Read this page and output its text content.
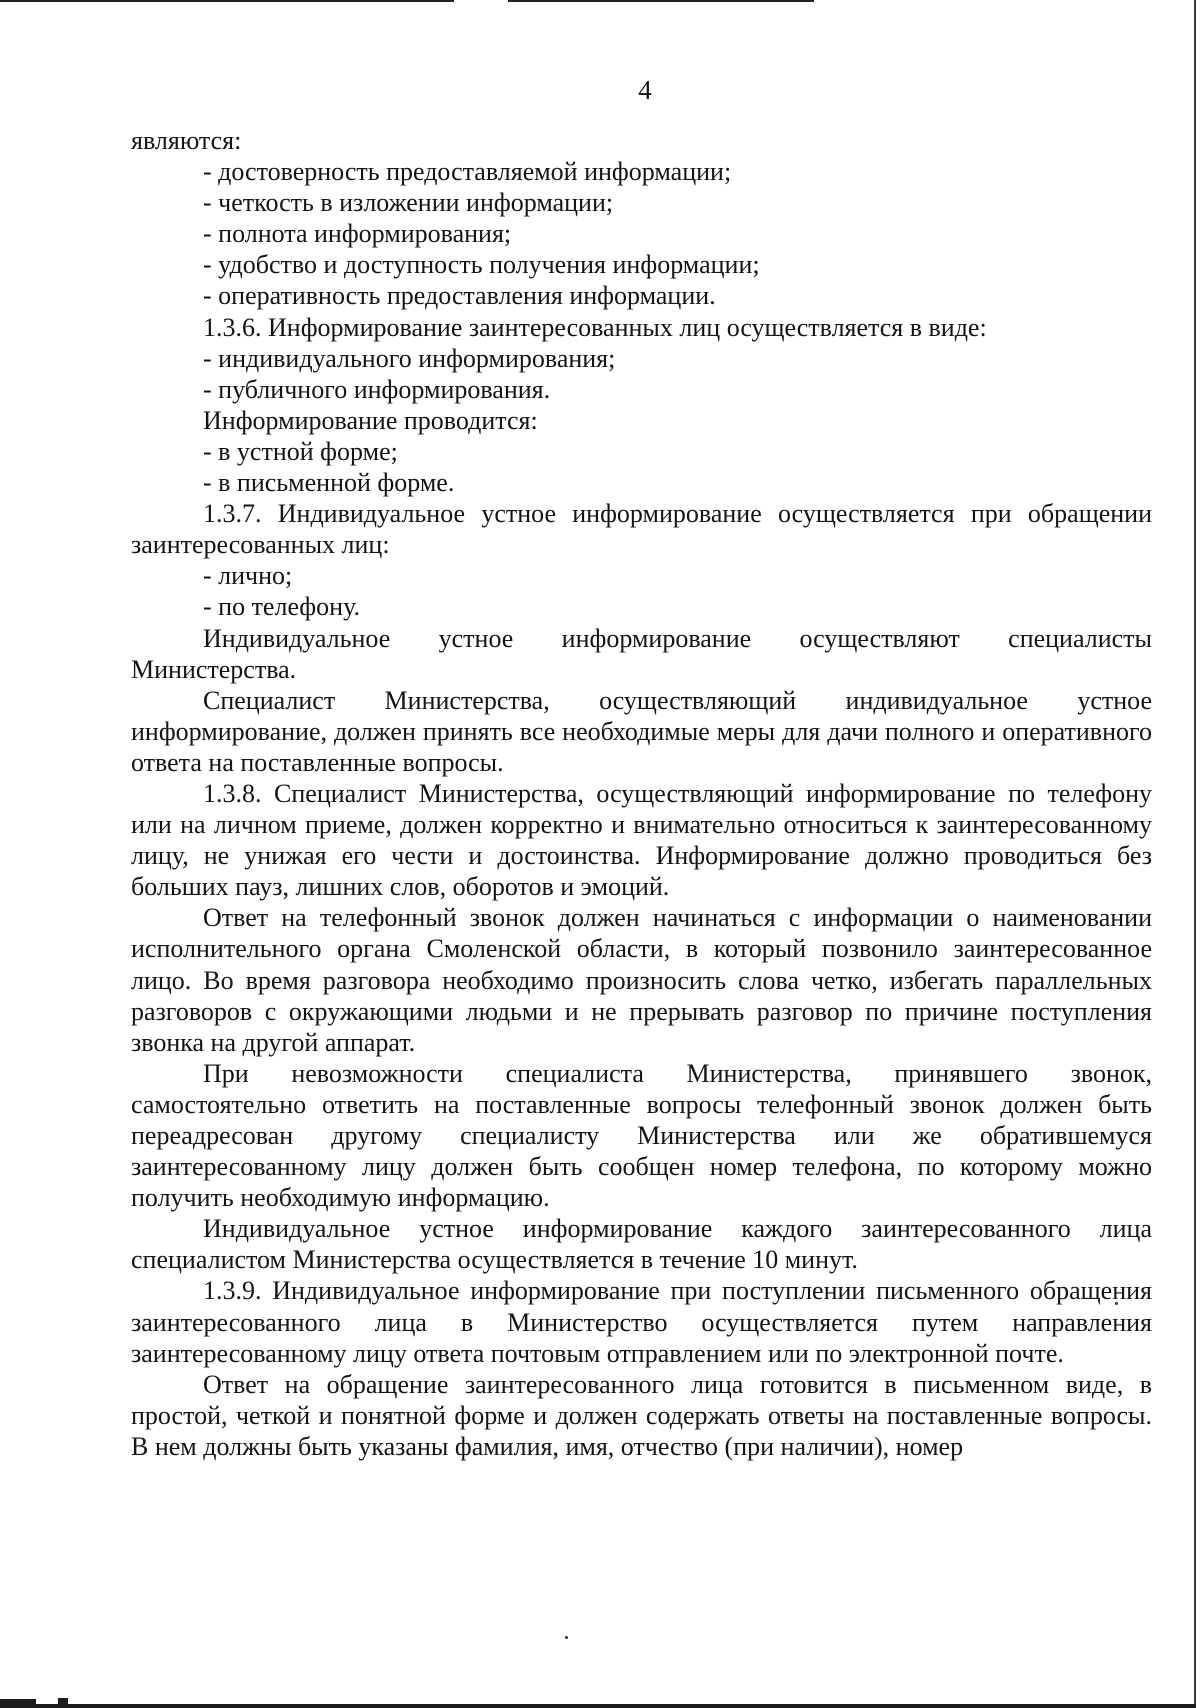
4

являются:

- достоверность предоставляемой информации;

- четкость в изложении информации;

- полнота информирования;

- удобство и доступность получения информации;

- оперативность предоставления информации.

1.3.6. Информирование заинтересованных лиц осуществляется в виде:

- индивидуального информирования;

- публичного информирования.

Информирование проводится:

- в устной форме;

- в письменной форме.

1.3.7. Индивидуальное устное информирование осуществляется при обращении заинтересованных лиц:

- лично;

- по телефону.

Индивидуальное устное информирование осуществляют специалисты Министерства.

Специалист Министерства, осуществляющий индивидуальное устное информирование, должен принять все необходимые меры для дачи полного и оперативного ответа на поставленные вопросы.

1.3.8. Специалист Министерства, осуществляющий информирование по телефону или на личном приеме, должен корректно и внимательно относиться к заинтересованному лицу, не унижая его чести и достоинства. Информирование должно проводиться без больших пауз, лишних слов, оборотов и эмоций.

Ответ на телефонный звонок должен начинаться с информации о наименовании исполнительного органа Смоленской области, в который позвонило заинтересованное лицо. Во время разговора необходимо произносить слова четко, избегать параллельных разговоров с окружающими людьми и не прерывать разговор по причине поступления звонка на другой аппарат.

При невозможности специалиста Министерства, принявшего звонок, самостоятельно ответить на поставленные вопросы телефонный звонок должен быть переадресован другому специалисту Министерства или же обратившемуся заинтересованному лицу должен быть сообщен номер телефона, по которому можно получить необходимую информацию.

Индивидуальное устное информирование каждого заинтересованного лица специалистом Министерства осуществляется в течение 10 минут.

1.3.9. Индивидуальное информирование при поступлении письменного обращения заинтересованного лица в Министерство осуществляется путем направления заинтересованному лицу ответа почтовым отправлением или по электронной почте.

Ответ на обращение заинтересованного лица готовится в письменном виде, в простой, четкой и понятной форме и должен содержать ответы на поставленные вопросы. В нем должны быть указаны фамилия, имя, отчество (при наличии), номер
